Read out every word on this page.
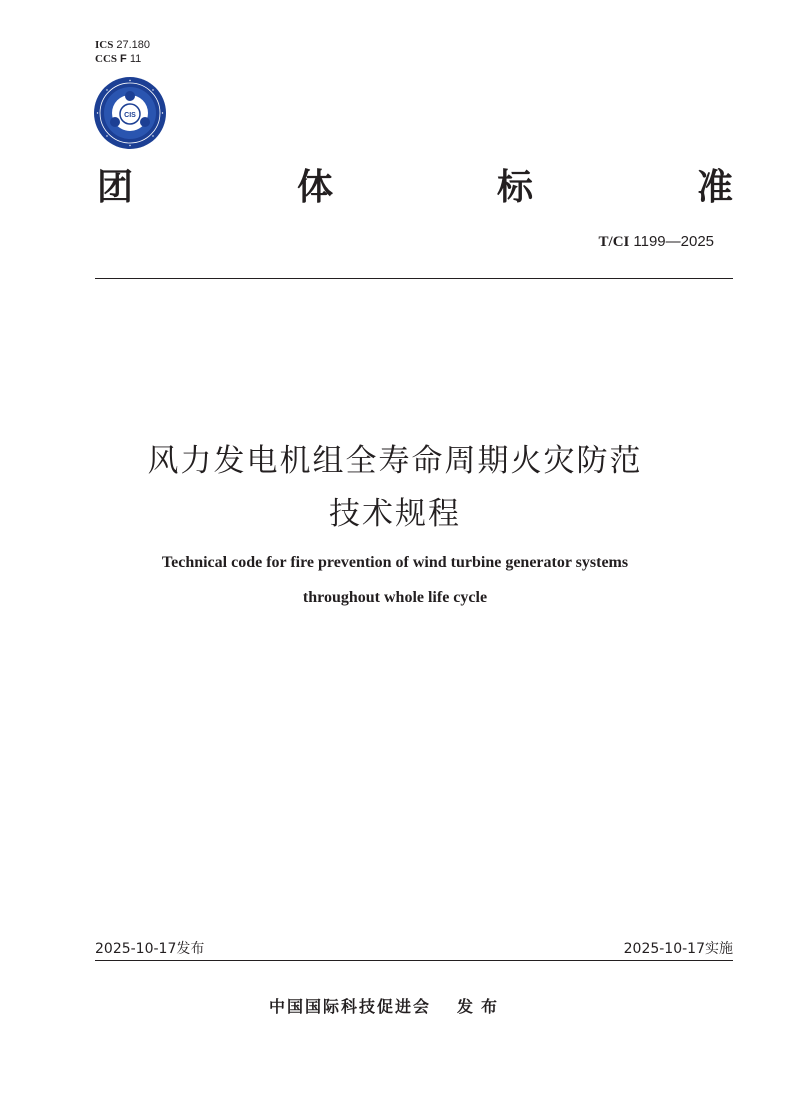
ICS 27.180
CCS F 11
CIS
团	体	标	准
T/CI 1199—2025
风力发电机组全寿命周期火灾防范
技术规程
Technical code for fire prevention of wind turbine generator systems
throughout whole life cycle
2025-10-17发布	2025-10-17实施
中国国际科技促进会 发布
